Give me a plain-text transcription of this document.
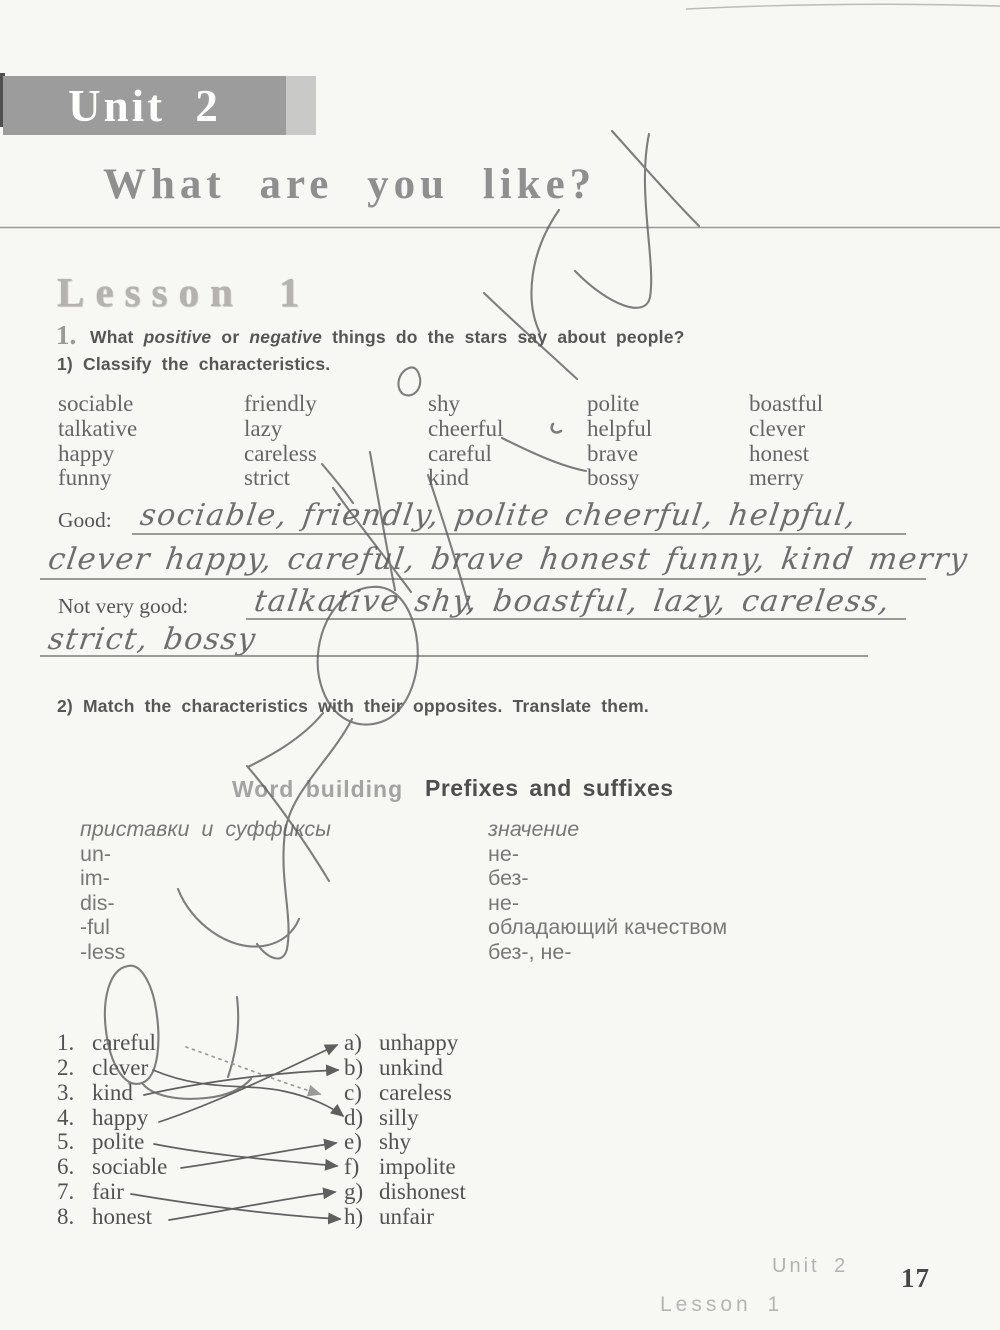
Unit 2
What are you like?
Lesson 1
1. What positive or negative things do the stars say about people?
1) Classify the characteristics.
sociable
talkative
happy
funny
friendly
lazy
careless
strict
shy
cheerful
careful
kind
polite
helpful
brave
bossy
boastful
clever
honest
merry
Good: sociable, friendly, polite cheerful, helpful,
clever happy, careful, brave honest funny, kind merry
Not very good: talkative shy, boastful, lazy, careless,
strict, bossy
2) Match the characteristics with their opposites. Translate them.
Word building Prefixes and suffixes
приставки и суффиксы
un-
im-
dis-
-ful
-less
значение
не-
без-
не-
обладающий качеством
без-, не-
1. careful
2. clever
3. kind
4. happy
5. polite
6. sociable
7. fair
8. honest
a) unhappy
b) unkind
c) careless
d) silly
e) shy
f) impolite
g) dishonest
h) unfair
Unit 2
Lesson 1
17
